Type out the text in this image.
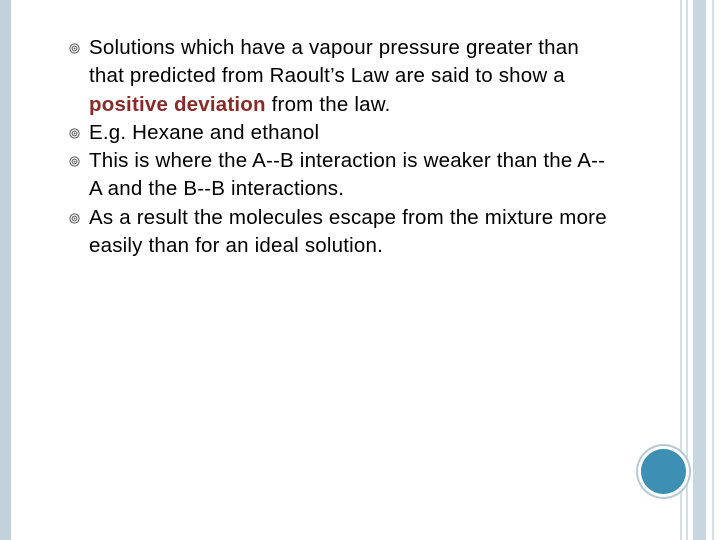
Solutions which have a vapour pressure greater than that predicted from Raoult’s Law are said to show a positive deviation from the law.

E.g. Hexane and ethanol

This is where the A--B interaction is weaker than the A--A and the B--B interactions.

As a result the molecules escape from the mixture more easily than for an ideal solution.
